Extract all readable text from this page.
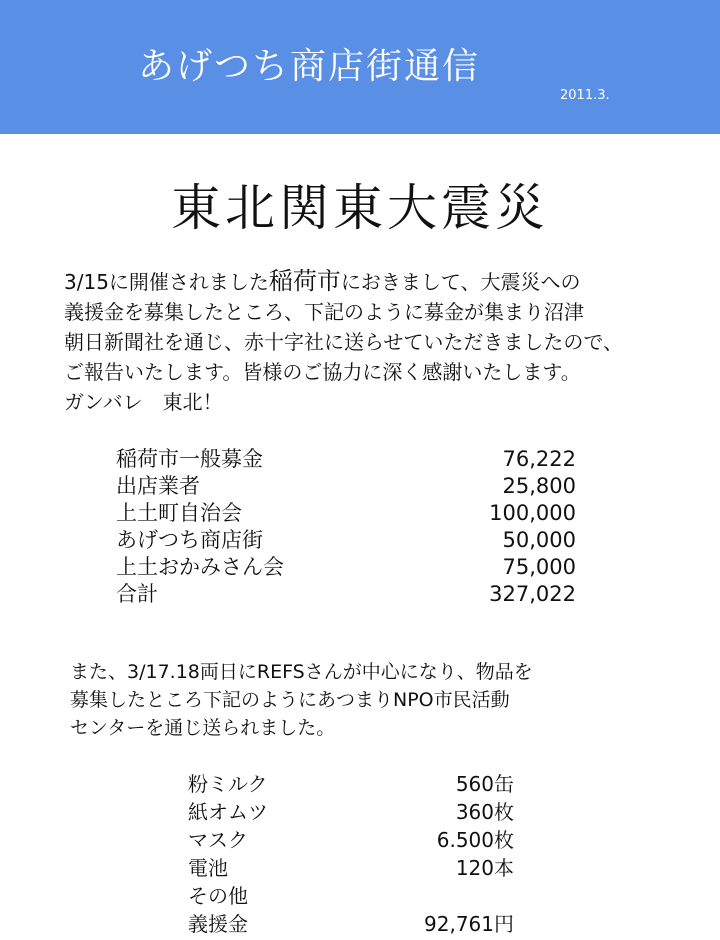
あげつち商店街通信
2011.3.
東北関東大震災
3/15に開催されました稲荷市におきまして、大震災への
義援金を募集したところ、下記のように募金が集まり沼津
朝日新聞社を通じ、赤十字社に送らせていただきましたので、
ご報告いたします。皆様のご協力に深く感謝いたします。
ガンバレ　東北！
稲荷市一般募金	76,222
出店業者	25,800
上土町自治会	100,000
あげつち商店街	50,000
上土おかみさん会	75,000
合計	327,022
また、3/17.18両日にREFSさんが中心になり、物品を
募集したところ下記のようにあつまりNPO市民活動
センターを通じ送られました。
粉ミルク	560缶
紙オムツ	360枚
マスク	6.500枚
電池	120本
その他
義援金	92,761円
